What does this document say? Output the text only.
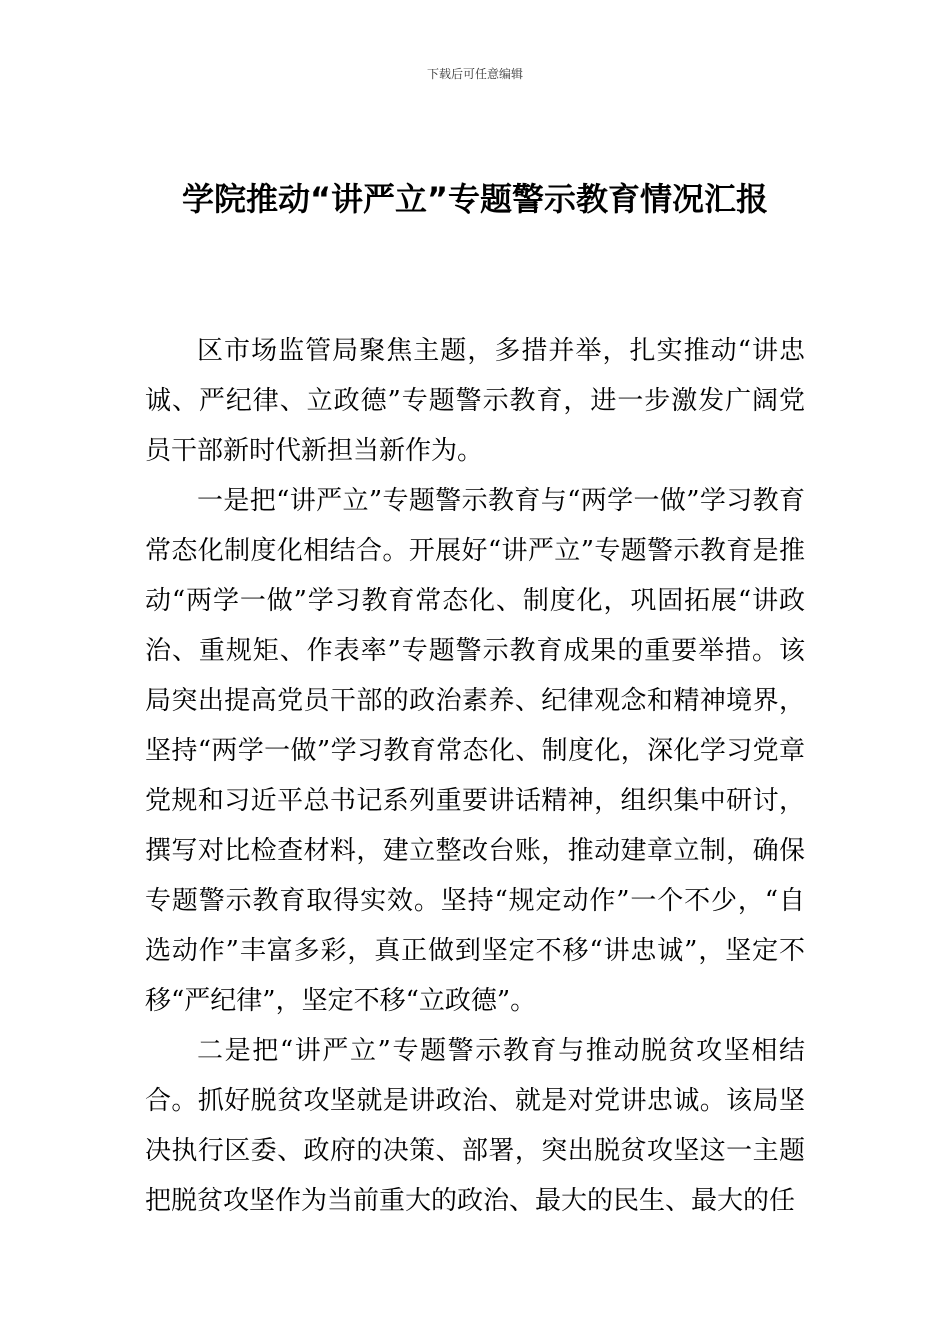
下载后可任意编辑
学院推动“讲严立”专题警示教育情况汇报

区市场监管局聚焦主题，多措并举，扎实推动“讲忠诚、严纪律、立政德”专题警示教育，进一步激发广阔党员干部新时代新担当新作为。

一是把“讲严立”专题警示教育与“两学一做”学习教育常态化制度化相结合。开展好“讲严立”专题警示教育是推动“两学一做”学习教育常态化、制度化，巩固拓展“讲政治、重规矩、作表率”专题警示教育成果的重要举措。该局突出提高党员干部的政治素养、纪律观念和精神境界，坚持“两学一做”学习教育常态化、制度化，深化学习党章党规和习近平总书记系列重要讲话精神，组织集中研讨，撰写对比检查材料，建立整改台账，推动建章立制，确保专题警示教育取得实效。坚持“规定动作”一个不少，“自选动作”丰富多彩，真正做到坚定不移“讲忠诚”，坚定不移“严纪律”，坚定不移“立政德”。

二是把“讲严立”专题警示教育与推动脱贫攻坚相结合。抓好脱贫攻坚就是讲政治、就是对党讲忠诚。该局坚决执行区委、政府的决策、部署，突出脱贫攻坚这一主题把脱贫攻坚作为当前重大的政治、最大的民生、最大的任
